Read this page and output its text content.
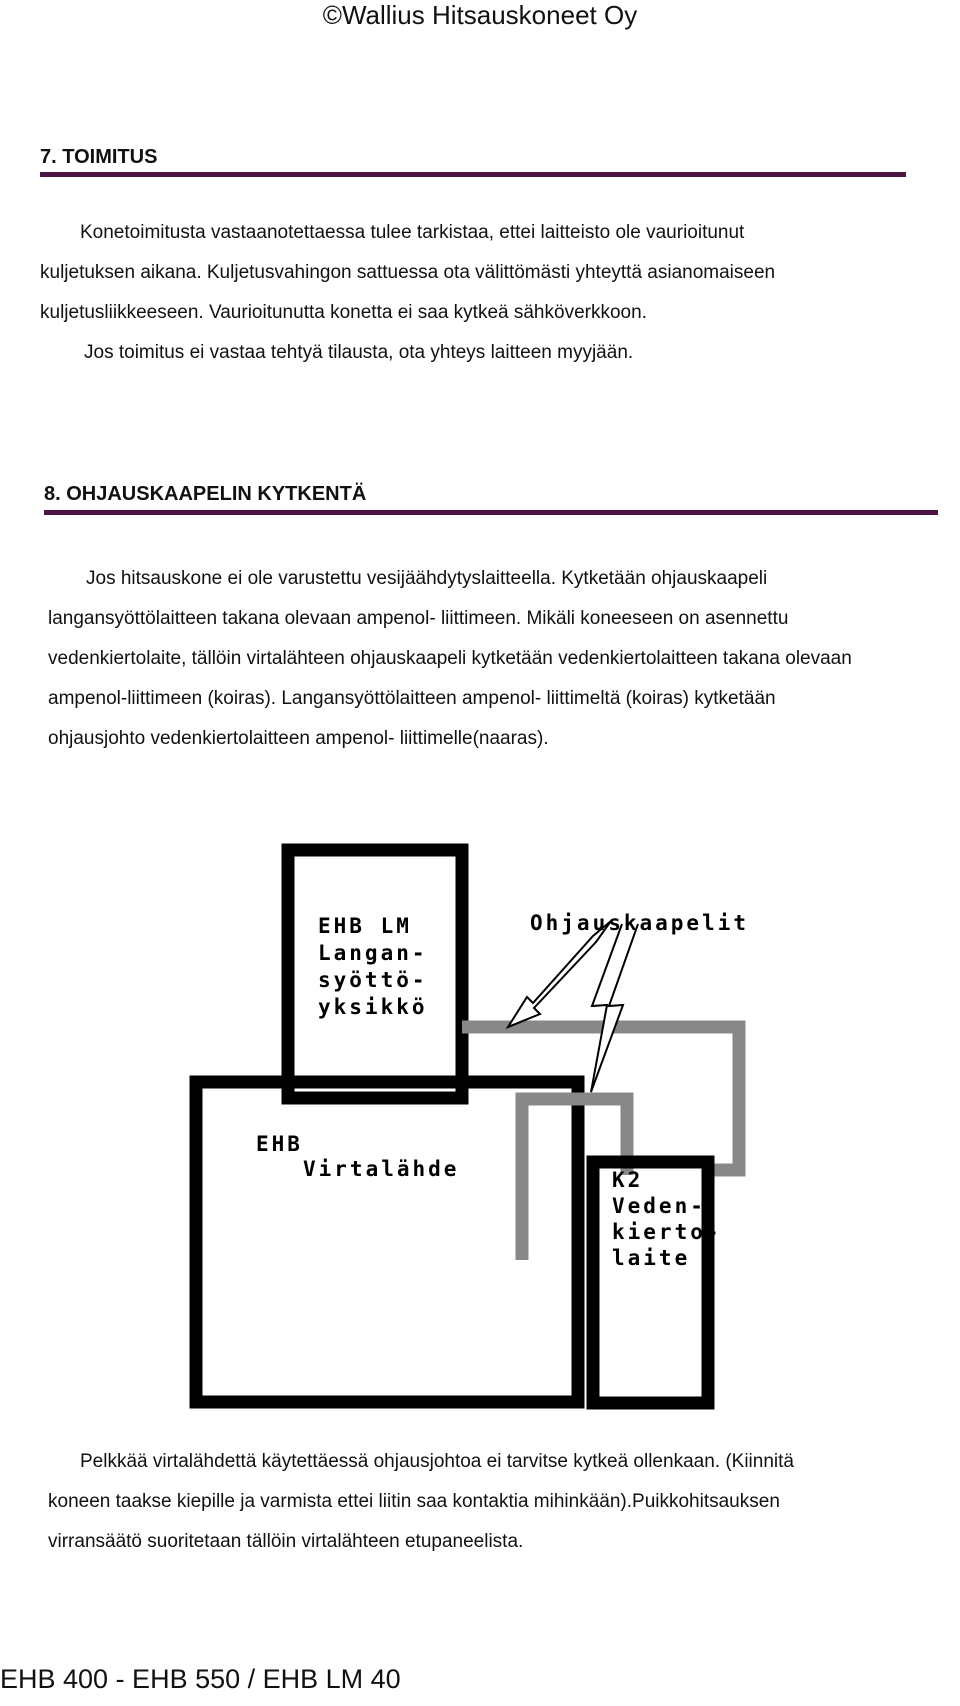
©Wallius Hitsauskoneet Oy
7. TOIMITUS
Konetoimitusta vastaanotettaessa tulee tarkistaa, ettei laitteisto ole vaurioitunut
kuljetuksen aikana. Kuljetusvahingon sattuessa ota välittömästi yhteyttä asianomaiseen
kuljetusliikkeeseen. Vaurioitunutta konetta ei saa kytkeä sähköverkkoon.
Jos toimitus ei vastaa tehtyä tilausta, ota yhteys laitteen myyjään.
8. OHJAUSKAAPELIN KYTKENTÄ
Jos hitsauskone ei ole varustettu vesijäähdytyslaitteella. Kytketään ohjauskaapeli
langansyöttölaitteen takana olevaan ampenol- liittimeen. Mikäli koneeseen on asennettu
vedenkiertolaite, tällöin virtalähteen ohjauskaapeli kytketään vedenkiertolaitteen takana olevaan
ampenol-liittimeen (koiras). Langansyöttölaitteen ampenol- liittimeltä (koiras) kytketään
ohjausjohto vedenkiertolaitteen ampenol- liittimelle(naaras).
EHB LM Langan- syöttö- yksikkö
K2 Veden- kierto- laite
Ohjauskaapelit
EHB Virtalähde
Pelkkää virtalähdettä käytettäessä ohjausjohtoa ei tarvitse kytkeä ollenkaan. (Kiinnitä
koneen taakse kiepille ja varmista ettei liitin saa kontaktia mihinkään).Puikkohitsauksen
virransäätö suoritetaan tällöin virtalähteen etupaneelista.
EHB 400 - EHB 550 / EHB LM 40
